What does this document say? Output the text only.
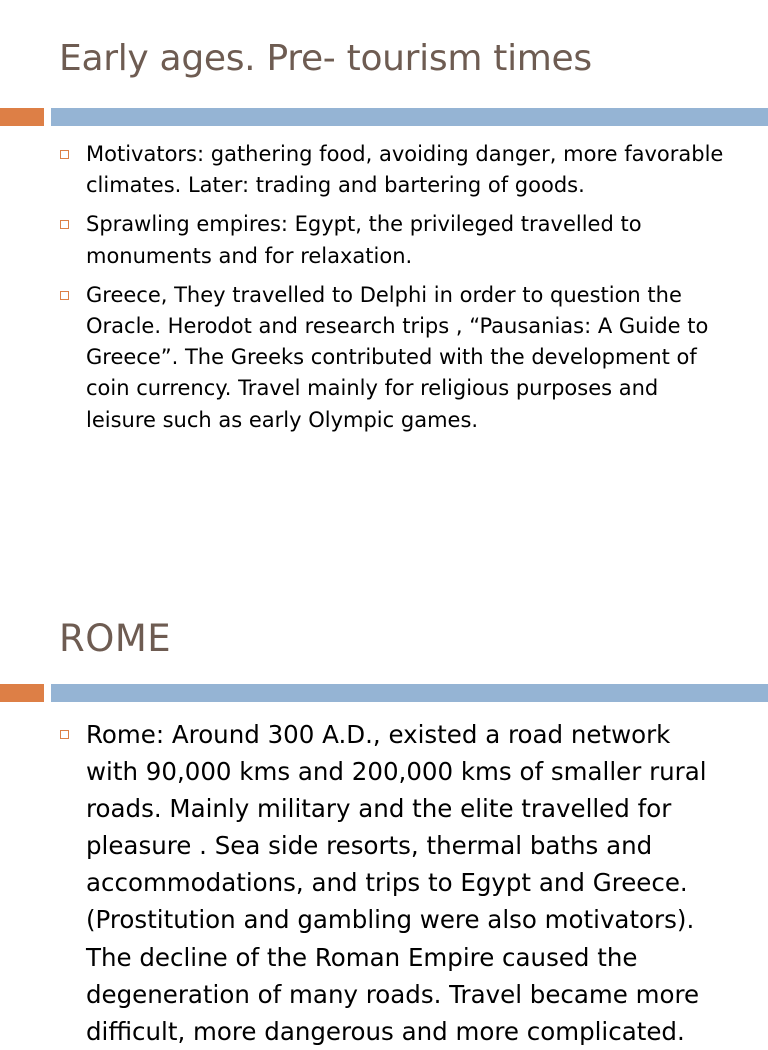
Early ages. Pre- tourism times
Motivators: gathering food, avoiding danger, more favorable climates. Later: trading and bartering of goods.
Sprawling empires: Egypt, the privileged travelled to monuments and for relaxation.
Greece, They travelled to Delphi in order to question the Oracle. Herodot and research trips , “Pausanias: A Guide to Greece”. The Greeks contributed with the development of coin currency. Travel mainly for religious purposes and leisure such as early Olympic games.
ROME
Rome: Around 300 A.D., existed a road network with 90,000 kms and 200,000 kms of smaller rural roads. Mainly military and the elite travelled for pleasure . Sea side resorts, thermal baths and accommodations, and trips to Egypt and Greece. (Prostitution and gambling were also motivators). The decline of the Roman Empire caused the degeneration of many roads. Travel became more difficult, more dangerous and more complicated.
